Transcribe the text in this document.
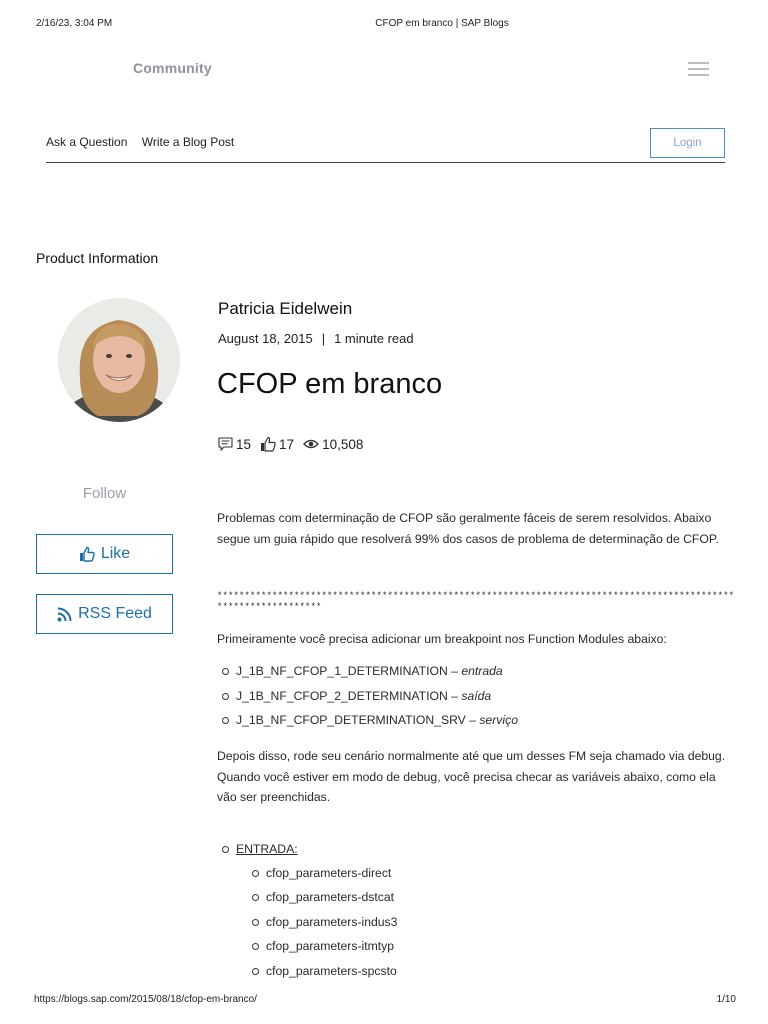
2/16/23, 3:04 PM	CFOP em branco | SAP Blogs
Community
Ask a Question Write a Blog Post	Login
Product Information
Follow
Like
RSS Feed
Patricia Eidelwein
August 18, 2015 | 1 minute read
CFOP em branco
15 17 10,508

Problemas com determinação de CFOP são geralmente fáceis de serem resolvidos. Abaixo segue um guia rápido que resolverá 99% dos casos de problema de determinação de CFOP.

*****************************************************************************************************************

Primeiramente você precisa adicionar um breakpoint nos Function Modules abaixo:

J_1B_NF_CFOP_1_DETERMINATION – entrada
J_1B_NF_CFOP_2_DETERMINATION – saída
J_1B_NF_CFOP_DETERMINATION_SRV – serviço

Depois disso, rode seu cenário normalmente até que um desses FM seja chamado via debug.

Quando você estiver em modo de debug, você precisa checar as variáveis abaixo, como ela vão ser preenchidas.

ENTRADA:
cfop_parameters-direct
cfop_parameters-dstcat
cfop_parameters-indus3
cfop_parameters-itmtyp
cfop_parameters-spcsto
https://blogs.sap.com/2015/08/18/cfop-em-branco/	1/10
